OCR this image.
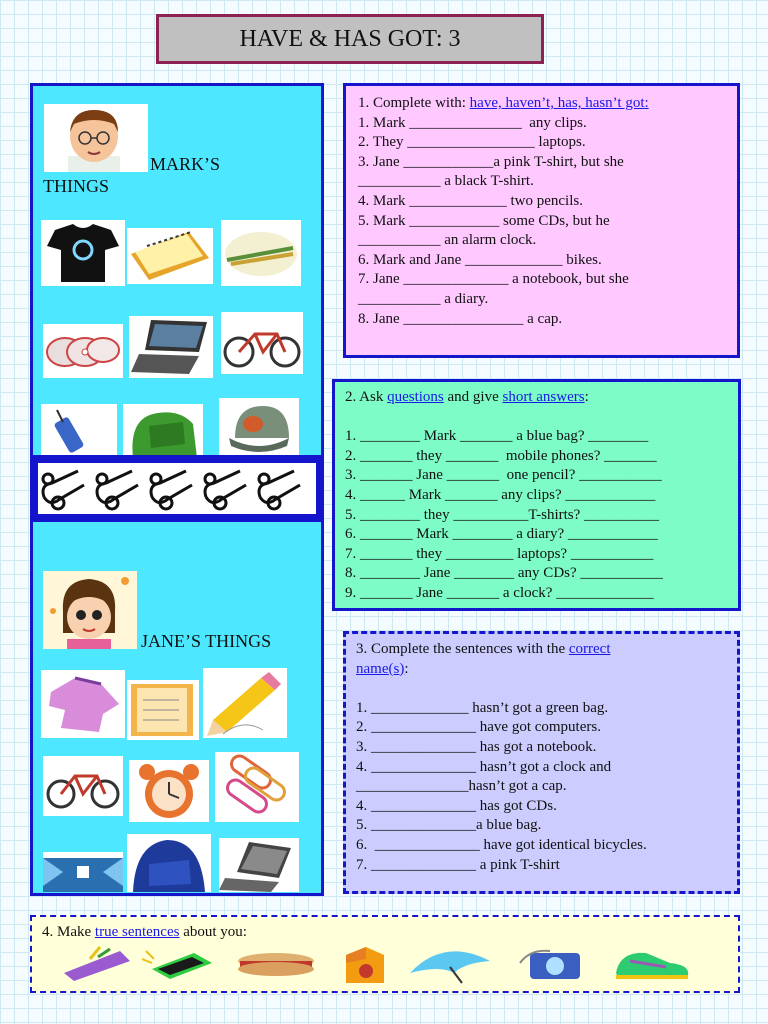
HAVE & HAS GOT: 3
MARK’S
THINGS
JANE’S THINGS
1. Complete with: have, haven’t, has, hasn’t got:
1. Mark _______________  any clips.
2. They _________________ laptops.
3. Jane ____________a pink T-shirt, but she
___________ a black T-shirt.
4. Mark _____________ two pencils.
5. Mark ____________ some CDs, but he
___________ an alarm clock.
6. Mark and Jane _____________ bikes.
7. Jane ______________ a notebook, but she
___________ a diary.
8. Jane ________________ a cap.
2. Ask questions and give short answers:
1. ________ Mark _______ a blue bag? ________
2. _______ they _______  mobile phones? _______
3. _______ Jane _______  one pencil? ___________
4. ______ Mark _______ any clips? ____________
5. ________ they __________T-shirts? __________
6. _______ Mark ________ a diary? ____________
7. _______ they _________ laptops? ___________
8. ________ Jane ________ any CDs? ___________
9. _______ Jane _______ a clock? _____________
3. Complete the sentences with the correct
name(s):
1. _____________ hasn’t got a green bag.
2. ______________ have got computers.
3. ______________ has got a notebook.
4. ______________ hasn’t got a clock and
_______________hasn’t got a cap.
4. ______________ has got CDs.
5. ______________a blue bag.
6.  ______________ have got identical bicycles.
7. ______________ a pink T-shirt
4. Make true sentences about you:
